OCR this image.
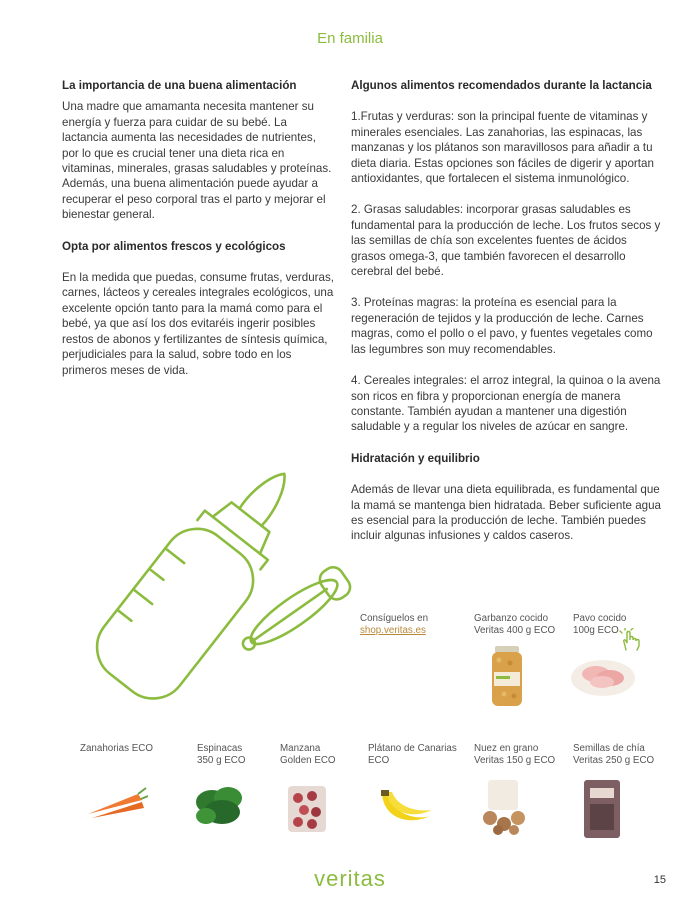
En familia
La importancia de una buena alimentación

Una madre que amamanta necesita mantener su energía y fuerza para cuidar de su bebé. La lactancia aumenta las necesidades de nutrientes, por lo que es crucial tener una dieta rica en vitaminas, minerales, grasas saludables y proteínas. Además, una buena alimentación puede ayudar a recuperar el peso corporal tras el parto y mejorar el bienestar general.

Opta por alimentos frescos y ecológicos

En la medida que puedas, consume frutas, verduras, carnes, lácteos y cereales integrales ecológicos, una excelente opción tanto para la mamá como para el bebé, ya que así los dos evitaréis ingerir posibles restos de abonos y fertilizantes de síntesis química, perjudiciales para la salud, sobre todo en los primeros meses de vida.

Algunos alimentos recomendados durante la lactancia

1.Frutas y verduras: son la principal fuente de vitaminas y minerales esenciales. Las zanahorias, las espinacas, las manzanas y los plátanos son maravillosos para añadir a tu dieta diaria. Estas opciones son fáciles de digerir y aportan antioxidantes, que fortalecen el sistema inmunológico.

2. Grasas saludables: incorporar grasas saludables es fundamental para la producción de leche. Los frutos secos y las semillas de chía son excelentes fuentes de ácidos grasos omega-3, que también favorecen el desarrollo cerebral del bebé.

3. Proteínas magras: la proteína es esencial para la regeneración de tejidos y la producción de leche. Carnes magras, como el pollo o el pavo, y fuentes vegetales como las legumbres son muy recomendables.

4. Cereales integrales: el arroz integral, la quinoa o la avena son ricos en fibra y proporcionan energía de manera constante. También ayudan a mantener una digestión saludable y a regular los niveles de azúcar en sangre.

Hidratación y equilibrio

Además de llevar una dieta equilibrada, es fundamental que la mamá se mantenga bien hidratada. Beber suficiente agua es esencial para la producción de leche. También puedes incluir algunas infusiones y caldos caseros.

Consíguelos en
shop.veritas.es
Garbanzo cocido
Veritas 400 g ECO
Pavo cocido
100g ECO
Zanahorias ECO	Espinacas
350 g ECO
Manzana
Golden ECO
Plátano de Canarias
ECO
Nuez en grano
Veritas 150 g ECO
Semillas de chía
Veritas 250 g ECO
veritas	15
